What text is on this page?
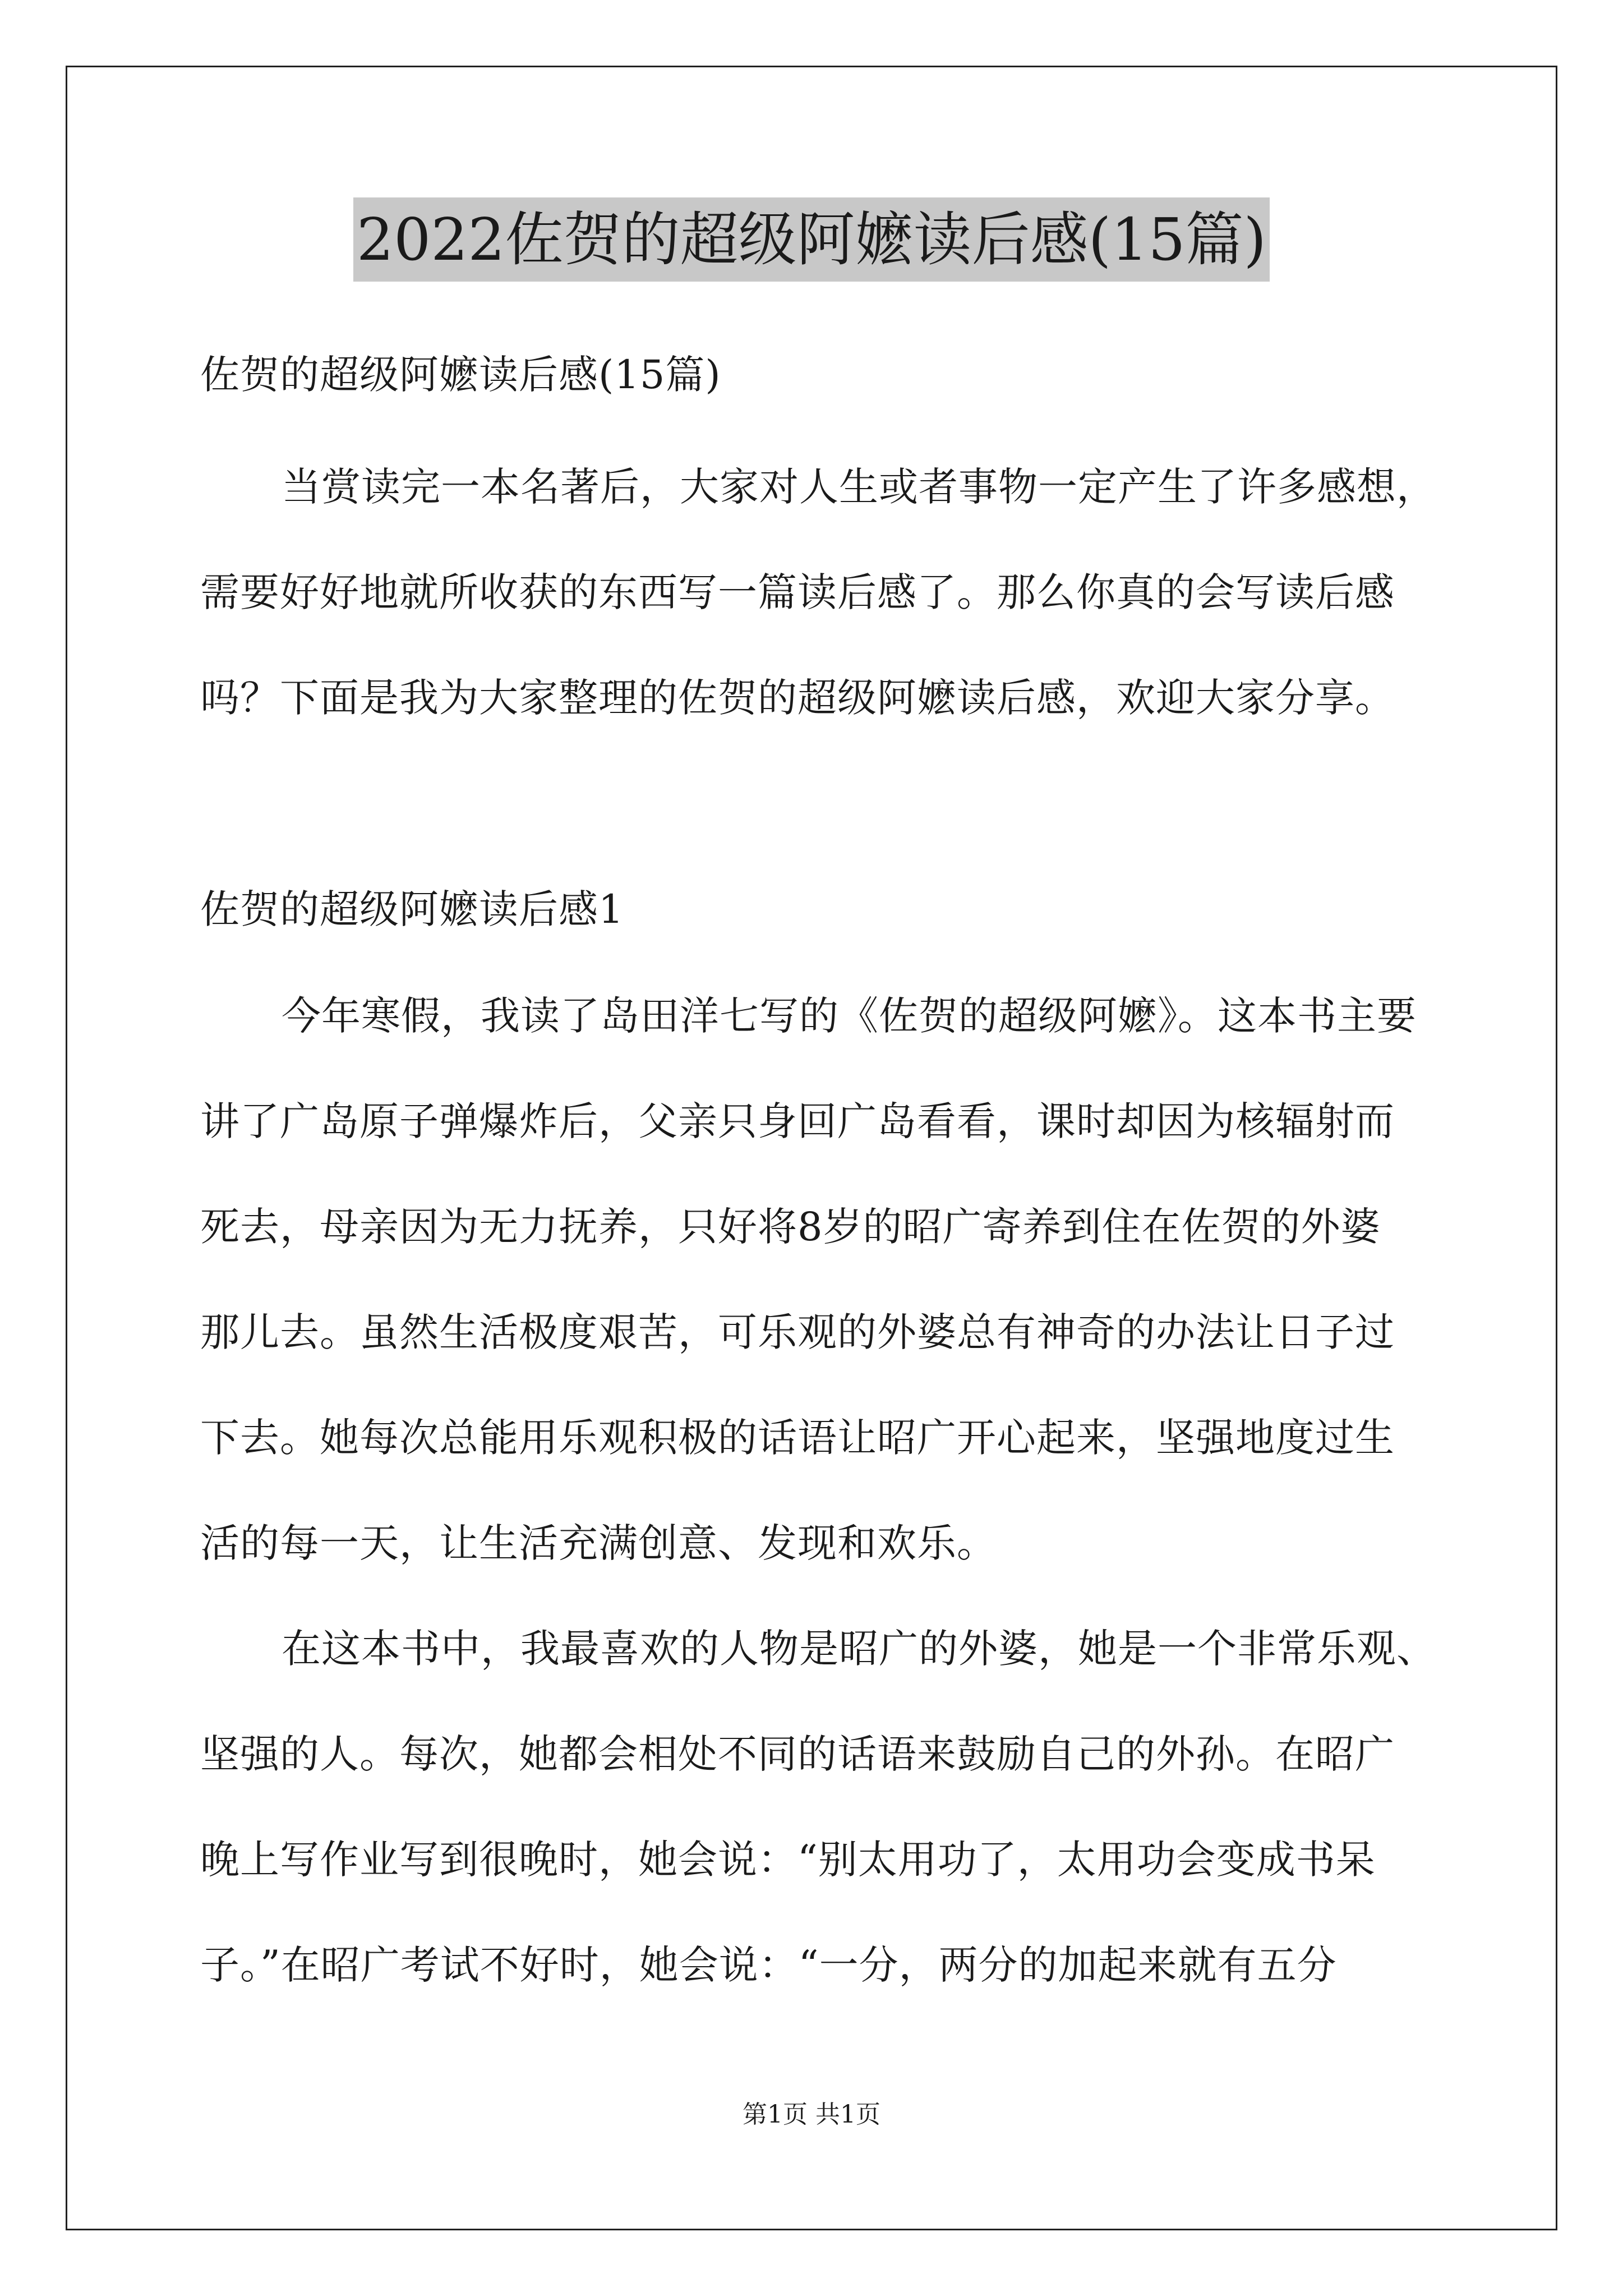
2022佐贺的超级阿嬷读后感(15篇)
佐贺的超级阿嬷读后感(15篇)
当赏读完一本名著后，大家对人生或者事物一定产生了许多感想，
需要好好地就所收获的东西写一篇读后感了。那么你真的会写读后感
吗？下面是我为大家整理的佐贺的超级阿嬷读后感，欢迎大家分享。
佐贺的超级阿嬷读后感1
今年寒假，我读了岛田洋七写的《佐贺的超级阿嬷》。这本书主要
讲了广岛原子弹爆炸后，父亲只身回广岛看看，课时却因为核辐射而
死去，母亲因为无力抚养，只好将8岁的昭广寄养到住在佐贺的外婆
那儿去。虽然生活极度艰苦，可乐观的外婆总有神奇的办法让日子过
下去。她每次总能用乐观积极的话语让昭广开心起来，坚强地度过生
活的每一天，让生活充满创意、发现和欢乐。
在这本书中，我最喜欢的人物是昭广的外婆，她是一个非常乐观、
坚强的人。每次，她都会相处不同的话语来鼓励自己的外孙。在昭广
晚上写作业写到很晚时，她会说：“别太用功了，太用功会变成书呆
子。”在昭广考试不好时，她会说：“一分，两分的加起来就有五分
第1页 共1页
